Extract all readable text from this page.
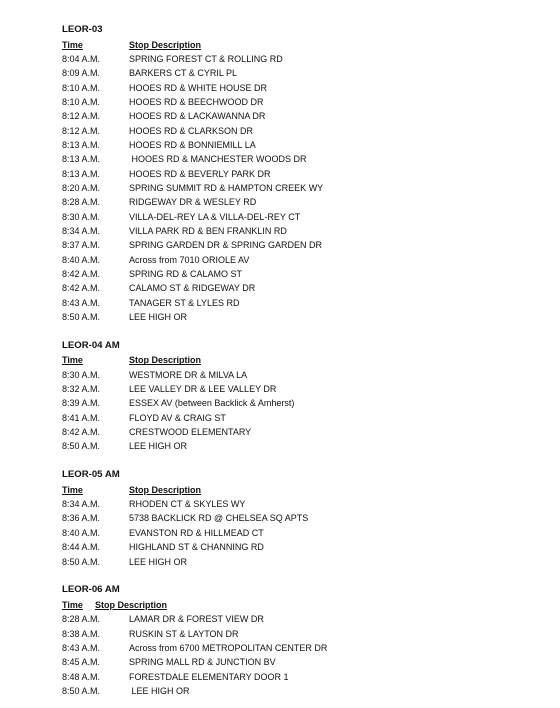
LEOR-03
Time	Stop Description
8:04 A.M.	SPRING FOREST CT & ROLLING RD
8:09 A.M.	BARKERS CT & CYRIL PL
8:10 A.M.	HOOES RD & WHITE HOUSE DR
8:10 A.M.	HOOES RD & BEECHWOOD DR
8:12 A.M.	HOOES RD & LACKAWANNA DR
8:12 A.M.	HOOES RD & CLARKSON DR
8:13 A.M.	HOOES RD & BONNIEMILL LA
8:13 A.M.	HOOES RD & MANCHESTER WOODS DR
8:13 A.M.	HOOES RD & BEVERLY PARK DR
8:20 A.M.	SPRING SUMMIT RD & HAMPTON CREEK WY
8:28 A.M.	RIDGEWAY DR & WESLEY RD
8:30 A.M.	VILLA-DEL-REY LA & VILLA-DEL-REY CT
8:34 A.M.	VILLA PARK RD & BEN FRANKLIN RD
8:37 A.M.	SPRING GARDEN DR & SPRING GARDEN DR
8:40 A.M.	Across from 7010 ORIOLE AV
8:42 A.M.	SPRING RD & CALAMO ST
8:42 A.M.	CALAMO ST & RIDGEWAY DR
8:43 A.M.	TANAGER ST & LYLES RD
8:50 A.M.	LEE HIGH OR
LEOR-04 AM
Time	Stop Description
8:30 A.M.	WESTMORE DR & MILVA LA
8:32 A.M.	LEE VALLEY DR & LEE VALLEY DR
8:39 A.M.	ESSEX AV (between Backlick & Amherst)
8:41 A.M.	FLOYD AV & CRAIG ST
8:42 A.M.	CRESTWOOD ELEMENTARY
8:50 A.M.	LEE HIGH OR
LEOR-05 AM
Time	Stop Description
8:34 A.M.	RHODEN CT & SKYLES WY
8:36 A.M.	5738 BACKLICK RD @ CHELSEA SQ APTS
8:40 A.M.	EVANSTON RD & HILLMEAD CT
8:44 A.M.	HIGHLAND ST & CHANNING RD
8:50 A.M.	LEE HIGH OR
LEOR-06 AM
Time	Stop Description
8:28 A.M.	LAMAR DR & FOREST VIEW DR
8:38 A.M.	RUSKIN ST & LAYTON DR
8:43 A.M.	Across from 6700 METROPOLITAN CENTER DR
8:45 A.M.	SPRING MALL RD & JUNCTION BV
8:48 A.M.	FORESTDALE ELEMENTARY DOOR 1
8:50 A.M.	LEE HIGH OR
